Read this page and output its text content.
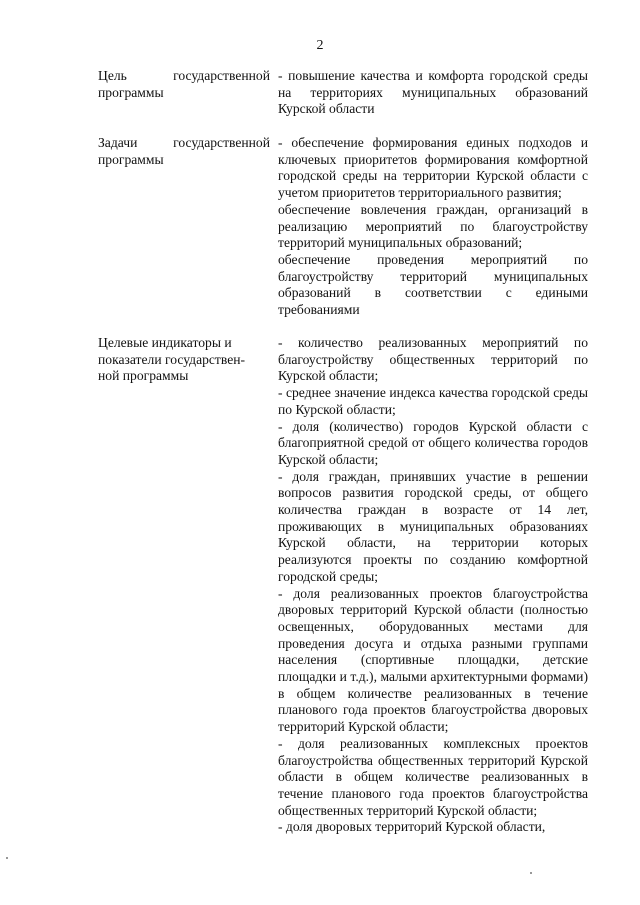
2
Цель государственной
программы

- повышение качества и комфорта городской среды на территориях муниципальных образований Курской области

Задачи государственной
программы

- обеспечение формирования единых подходов и ключевых приоритетов формирования комфортной городской среды на территории Курской области с учетом приоритетов территориального развития;

обеспечение вовлечения граждан, организаций в реализацию мероприятий по благоустройству территорий муниципальных образований;

обеспечение проведения мероприятий по благоустройству территорий муниципальных образований в соответствии с едиными требованиями

Целевые индикаторы и
показатели государствен-
ной программы

- количество реализованных мероприятий по благоустройству общественных территорий по Курской области;

- среднее значение индекса качества городской среды по Курской области;

- доля (количество) городов Курской области с благоприятной средой от общего количества городов Курской области;

- доля граждан, принявших участие в решении вопросов развития городской среды, от общего количества граждан в возрасте от 14 лет, проживающих в муниципальных образованиях Курской области, на территории которых реализуются проекты по созданию комфортной городской среды;

- доля реализованных проектов благоустройства дворовых территорий Курской области (полностью освещенных, оборудованных местами для проведения досуга и отдыха разными группами населения (спортивные площадки, детские площадки и т.д.), малыми архитектурными формами) в общем количестве реализованных в течение планового года проектов благоустройства дворовых территорий Курской области;

- доля реализованных комплексных проектов благоустройства общественных территорий Курской области в общем количестве реализованных в течение планового года проектов благоустройства общественных территорий Курской области;

- доля дворовых территорий Курской области,
